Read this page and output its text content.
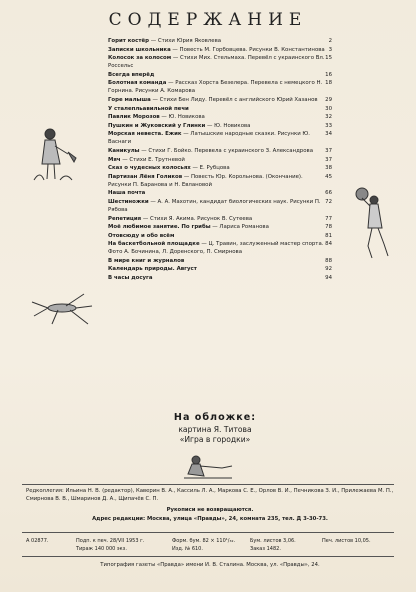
СОДЕРЖАНИЕ
Горит костёр — Стихи Юрия Яковлева	2
Записки школьника — Повесть М. Горбовцева. Рисунки В. Константинова 3
Колосок за колосом — Стихи Мих. Стельмаха. Перевёл с украинского Вл. Россельс
15
Всегда вперёд	16
Болотная команда — Рассказ Хорста Безелера. Перевела с немецкого Н. Горнина. Рисунки А. Комарова
18
Горе малыша — Стихи Бен Лиду. Перевёл с английского Юрий Хазанов	29
У сталепльавильной печи	30
Павлик Морозов — Ю. Новикова	32
Пушкин и Жуковский у Глинки — Ю. Новикова	33
Морская невеста. Ежик — Латышские народные сказки. Рисунки Ю. Васнаги
34
Каникулы — Стихи Г. Бойко. Перевела с украинского З. Александрова	37
Мяч — Стихи Е. Трутневой	37
Сказ о чудесных колосьях — Е. Рубцова	38
Партизан Лёня Голиков — Повесть Юр. Корольнова. (Окончание). Рисунки П. Баранова и Н. Евлановой
45
Наша почта	66
Шестиножки — А. А. Махотин, кандидат биологических наук. Рисунки П. Рябова
72
Репетиция — Стихи Я. Акима. Рисунок В. Сутеева	77
Моё любимое занятие. По грибы — Лариса Романова	78
Отовсюду и обо всём	81
На баскетбольной площадке — Ц. Травин, заслуженный мастер спорта. Фото А. Бочинина, Л. Доренского, П. Смирнова
84
В мире книг и журналов	88
Календарь природы. Август	92
В часы досуга	94
На обложке:
картина Я. Титова
«Игра в городки»
Редколлегия: Ильина Н. В. (редактор), Каверин В. А., Кассиль Л. А., Маркова С. Е., Орлов В. И., Печникова З. И., Прилежаева М. П., Смирнова В. В., Шмаринов Д. А., Щипачёв С. П.
Рукописи не возвращаются.
Адрес редакции: Москва, улица «Правды», 24, комната 235, тел. Д 3-30-73.
А 02877.	Подп. к печ. 28/VII 1953 г.	Форм. бум. 82 × 110¹/₃₂.	Бум. листов 3,06.	Печ. листов 10,05.
Тираж 140 000 экз.	Изд. № 610.	Заказ 1482.
Типография газеты «Правда» имени И. В. Сталина. Москва, ул. «Правды», 24.
